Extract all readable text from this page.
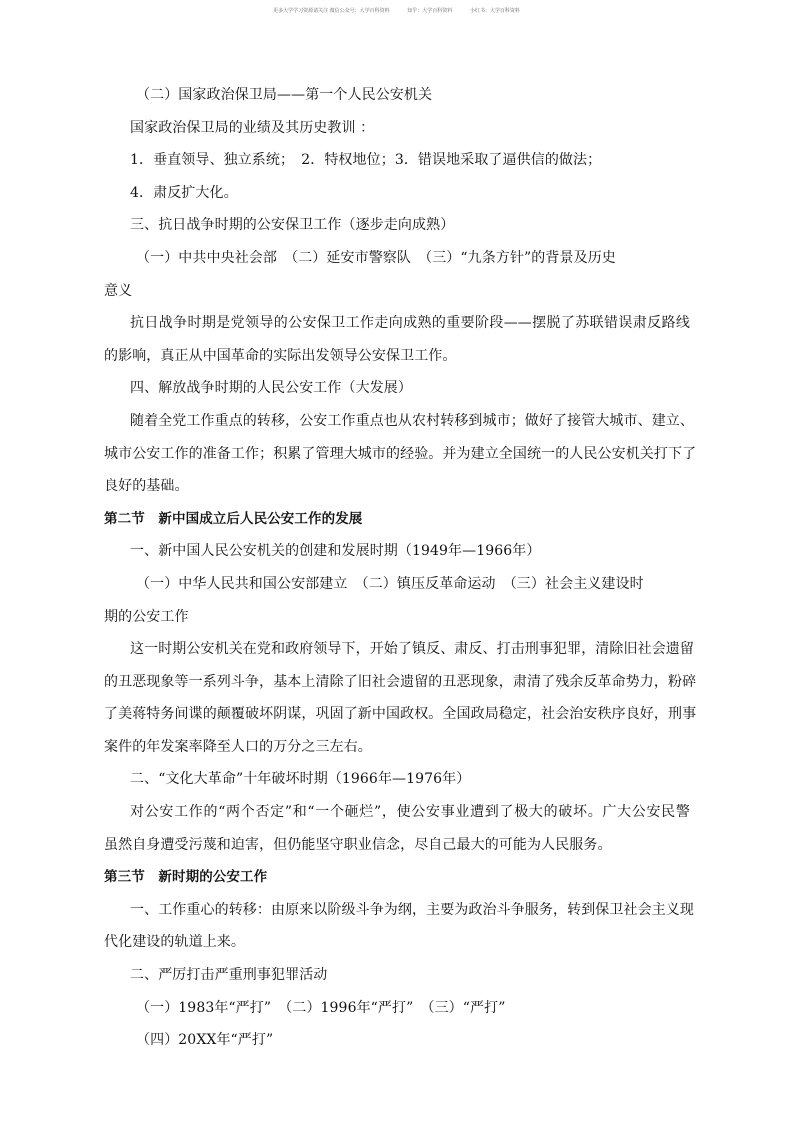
更多大学学习资源请关注 微信公众号：大学百科资料	知乎：大学百科资料	小红书：大学百科资料
（二）国家政治保卫局——第一个人民公安机关
国家政治保卫局的业绩及其历史教训 ：
1．垂直领导、独立系统；　2．特权地位；3．错误地采取了逼供信的做法；
4．肃反扩大化。
三、抗日战争时期的公安保卫工作（逐步走向成熟）
（一）中共中央社会部　（二）延安市警察队　（三）“九条方针”的背景及历史
意义
抗日战争时期是党领导的公安保卫工作走向成熟的重要阶段——摆脱了苏联错误肃反路线
的影响，真正从中国革命的实际出发领导公安保卫工作。
四、解放战争时期的人民公安工作（大发展）
随着全党工作重点的转移，公安工作重点也从农村转移到城市；做好了接管大城市、建立、
城市公安工作的准备工作；积累了管理大城市的经验。并为建立全国统一的人民公安机关打下了
良好的基础。
第二节　新中国成立后人民公安工作的发展
一、新中国人民公安机关的创建和发展时期（1949年—1966年）
（一）中华人民共和国公安部建立　（二）镇压反革命运动　（三）社会主义建设时
期的公安工作
这一时期公安机关在党和政府领导下，开始了镇反、肃反、打击刑事犯罪，清除旧社会遗留
的丑恶现象等一系列斗争，基本上清除了旧社会遗留的丑恶现象，肃清了残余反革命势力，粉碎
了美蒋特务间谍的颠覆破坏阴谋，巩固了新中国政权。全国政局稳定，社会治安秩序良好，刑事
案件的年发案率降至人口的万分之三左右。
二、“文化大革命”十年破坏时期（1966年—1976年）
对公安工作的“两个否定”和“一个砸烂”，使公安事业遭到了极大的破坏。广大公安民警
虽然自身遭受污蔑和迫害，但仍能坚守职业信念，尽自己最大的可能为人民服务。
第三节　新时期的公安工作
一、工作重心的转移：由原来以阶级斗争为纲，主要为政治斗争服务，转到保卫社会主义现
代化建设的轨道上来。
二、严厉打击严重刑事犯罪活动
（一）1983年“严打”　（二）1996年“严打”　（三）“严打”
（四）20XX年“严打”
